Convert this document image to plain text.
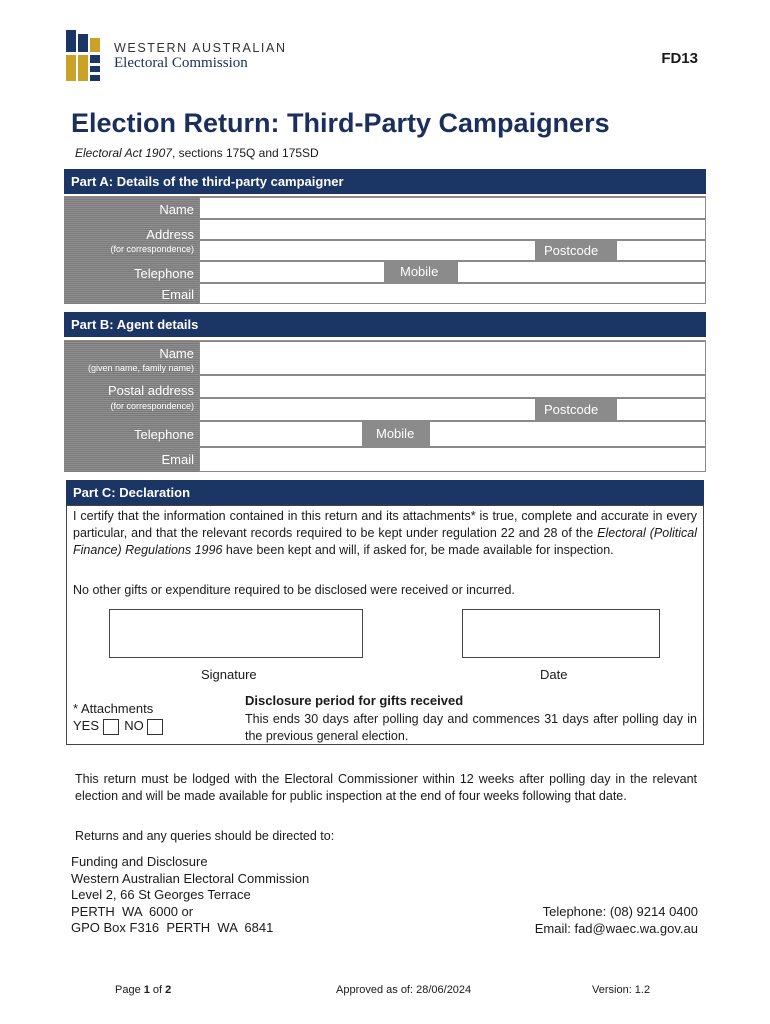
WESTERN AUSTRALIAN
Electoral Commission	FD13
Election Return: Third-Party Campaigners
Electoral Act 1907, sections 175Q and 175SD
Part A: Details of the third-party campaigner
Name
Address
(for correspondence)	Postcode
Telephone	Mobile
Email
Part B: Agent details
Name
(given name, family name)
Postal address
(for correspondence)	Postcode
Telephone	Mobile
Email
Part C: Declaration
I certify that the information contained in this return and its attachments* is true, complete and accurate in every particular, and that the relevant records required to be kept under regulation 22 and 28 of the Electoral (Political Finance) Regulations 1996 have been kept and will, if asked for, be made available for inspection.
No other gifts or expenditure required to be disclosed were received or incurred.
Signature	Date
* Attachments
YES NO
Disclosure period for gifts received
This ends 30 days after polling day and commences 31 days after polling day in the previous general election.
This return must be lodged with the Electoral Commissioner within 12 weeks after polling day in the relevant election and will be made available for public inspection at the end of four weeks following that date.
Returns and any queries should be directed to:
Funding and Disclosure
Western Australian Electoral Commission
Level 2, 66 St Georges Terrace
PERTH  WA  6000 or
GPO Box F316  PERTH  WA  6841
Telephone: (08) 9214 0400
Email: fad@waec.wa.gov.au
Page 1 of 2	Approved as of: 28/06/2024	Version: 1.2
